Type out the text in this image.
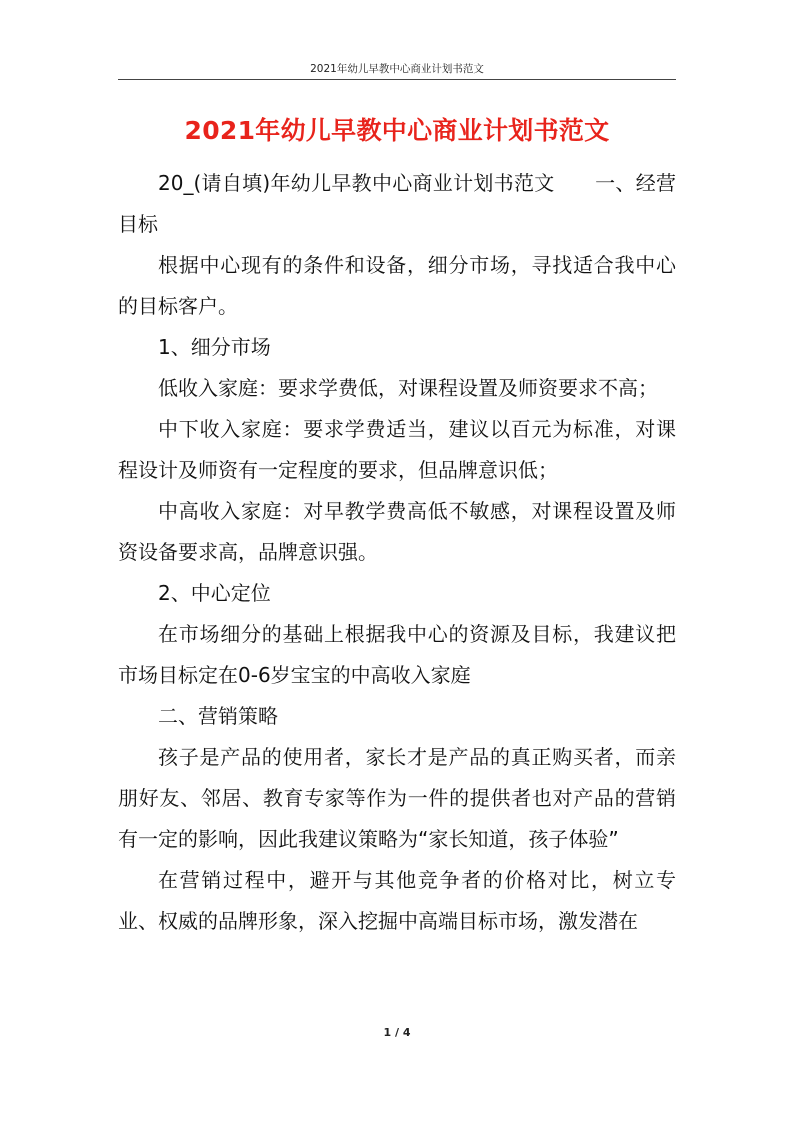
2021年幼儿早教中心商业计划书范文
2021年幼儿早教中心商业计划书范文

20_(请自填)年幼儿早教中心商业计划书范文　　一、经营目标

根据中心现有的条件和设备，细分市场，寻找适合我中心的目标客户。

1、细分市场

低收入家庭：要求学费低，对课程设置及师资要求不高；

中下收入家庭：要求学费适当，建议以百元为标准，对课程设计及师资有一定程度的要求，但品牌意识低；

中高收入家庭：对早教学费高低不敏感，对课程设置及师资设备要求高，品牌意识强。

2、中心定位

在市场细分的基础上根据我中心的资源及目标，我建议把市场目标定在0-6岁宝宝的中高收入家庭

二、营销策略

孩子是产品的使用者，家长才是产品的真正购买者，而亲朋好友、邻居、教育专家等作为一件的提供者也对产品的营销有一定的影响，因此我建议策略为“家长知道，孩子体验”

在营销过程中，避开与其他竞争者的价格对比，树立专业、权威的品牌形象，深入挖掘中高端目标市场，激发潜在

1 / 4
